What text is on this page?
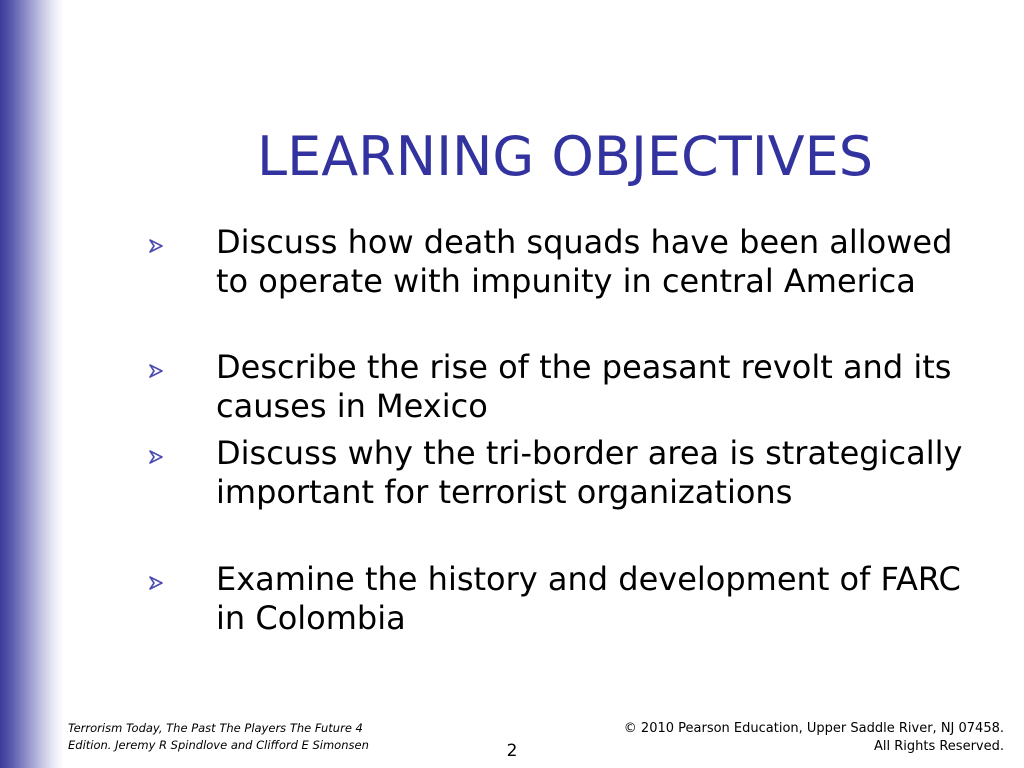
LEARNING OBJECTIVES
Discuss how death squads have been allowed to operate with impunity in central America
Describe the rise of the peasant revolt and its causes in Mexico
Discuss why the tri-border area is strategically important for terrorist organizations
Examine the history and development of FARC in Colombia
Terrorism Today, The Past The Players The Future 4
Edition. Jeremy R Spindlove and Clifford E Simonsen	2
© 2010 Pearson Education, Upper Saddle River, NJ 07458.
All Rights Reserved.
